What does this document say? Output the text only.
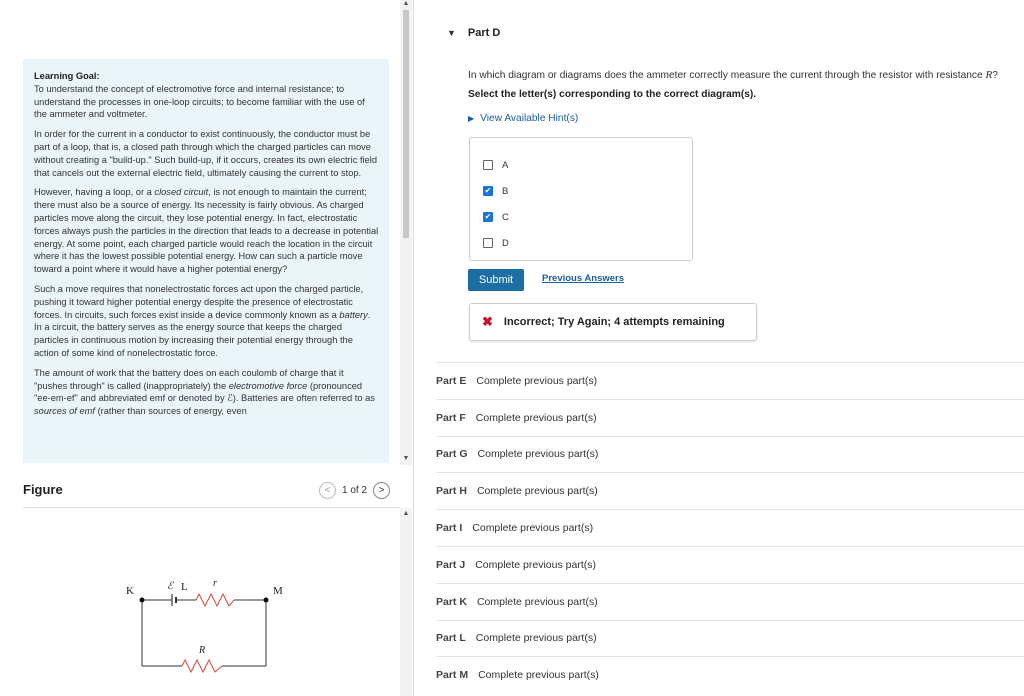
Learning Goal:
To understand the concept of electromotive force and internal resistance; to understand the processes in one-loop circuits; to become familiar with the use of the ammeter and voltmeter.

In order for the current in a conductor to exist continuously, the conductor must be part of a loop, that is, a closed path through which the charged particles can move without creating a "build-up." Such build-up, if it occurs, creates its own electric field that cancels out the external electric field, ultimately causing the current to stop.

However, having a loop, or a closed circuit, is not enough to maintain the current; there must also be a source of energy. Its necessity is fairly obvious. As charged particles move along the circuit, they lose potential energy. In fact, electrostatic forces always push the particles in the direction that leads to a decrease in potential energy. At some point, each charged particle would reach the location in the circuit where it has the lowest possible potential energy. How can such a particle move toward a point where it would have a higher potential energy?

Such a move requires that nonelectrostatic forces act upon the charged particle, pushing it toward higher potential energy despite the presence of electrostatic forces. In circuits, such forces exist inside a device commonly known as a battery. In a circuit, the battery serves as the energy source that keeps the charged particles in continuous motion by increasing their potential energy through the action of some kind of nonelectrostatic force.

The amount of work that the battery does on each coulomb of charge that it "pushes through" is called (inappropriately) the electromotive force (pronounced "ee-em-ef" and abbreviated emf or denoted by ℰ). Batteries are often referred to as sources of emf (rather than sources of energy, even

▲
▼
Figure	<	1 of 2	>
▲
K	ℰ L	r
M
R
▼ Part D
In which diagram or diagrams does the ammeter correctly measure the current through the resistor with resistance R?
Select the letter(s) corresponding to the correct diagram(s).
▶ View Available Hint(s)
A
✔
B
✔
C
D
Submit	Previous Answers
✖ Incorrect; Try Again; 4 attempts remaining
Part E Complete previous part(s)
Part F Complete previous part(s)
Part G Complete previous part(s)
Part H Complete previous part(s)
Part I Complete previous part(s)
Part J Complete previous part(s)
Part K Complete previous part(s)
Part L Complete previous part(s)
Part M Complete previous part(s)
